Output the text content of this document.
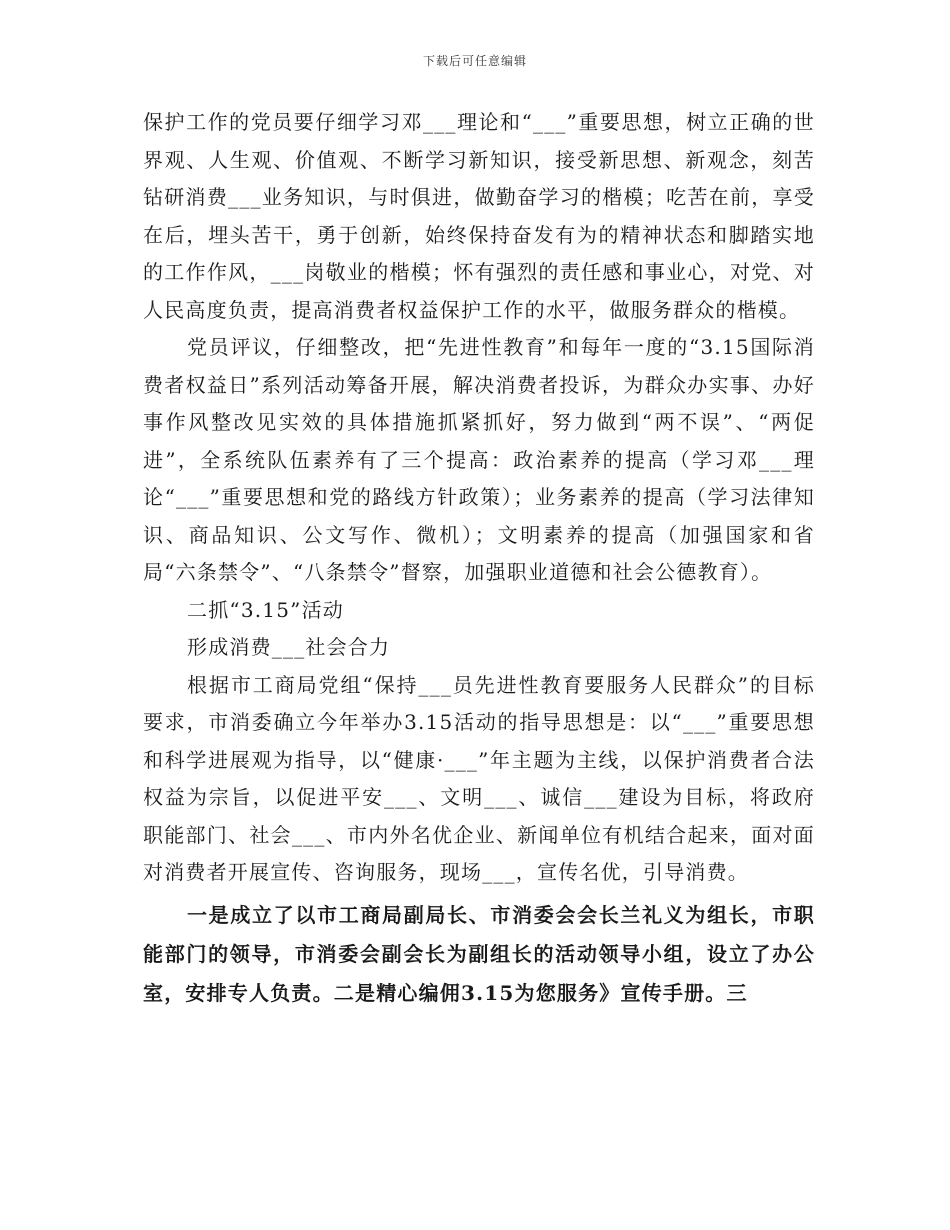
下载后可任意编辑

保护工作的党员要仔细学习邓___理论和“___”重要思想，树立正确的世界观、人生观、价值观、不断学习新知识，接受新思想、新观念，刻苦钻研消费___业务知识，与时俱进，做勤奋学习的楷模；吃苦在前，享受在后，埋头苦干，勇于创新，始终保持奋发有为的精神状态和脚踏实地的工作作风，___岗敬业的楷模；怀有强烈的责任感和事业心，对党、对人民高度负责，提高消费者权益保护工作的水平，做服务群众的楷模。

党员评议，仔细整改，把“先进性教育”和每年一度的“3.15国际消费者权益日”系列活动筹备开展，解决消费者投诉，为群众办实事、办好事作风整改见实效的具体措施抓紧抓好，努力做到“两不误”、“两促进”，全系统队伍素养有了三个提高：政治素养的提高（学习邓___理论“___”重要思想和党的路线方针政策）；业务素养的提高（学习法律知识、商品知识、公文写作、微机）；文明素养的提高（加强国家和省局“六条禁令”、“八条禁令”督察，加强职业道德和社会公德教育）。

二抓“3.15”活动

形成消费___社会合力

根据市工商局党组“保持___员先进性教育要服务人民群众”的目标要求，市消委确立今年举办3.15活动的指导思想是：以“___”重要思想和科学进展观为指导，以“健康·___”年主题为主线，以保护消费者合法权益为宗旨，以促进平安___、文明___、诚信___建设为目标，将政府职能部门、社会___、市内外名优企业、新闻单位有机结合起来，面对面对消费者开展宣传、咨询服务，现场___，宣传名优，引导消费。

一是成立了以市工商局副局长、市消委会会长兰礼义为组长，市职能部门的领导，市消委会副会长为副组长的活动领导小组，设立了办公室，安排专人负责。二是精心编佣3.15为您服务》宣传手册。三
